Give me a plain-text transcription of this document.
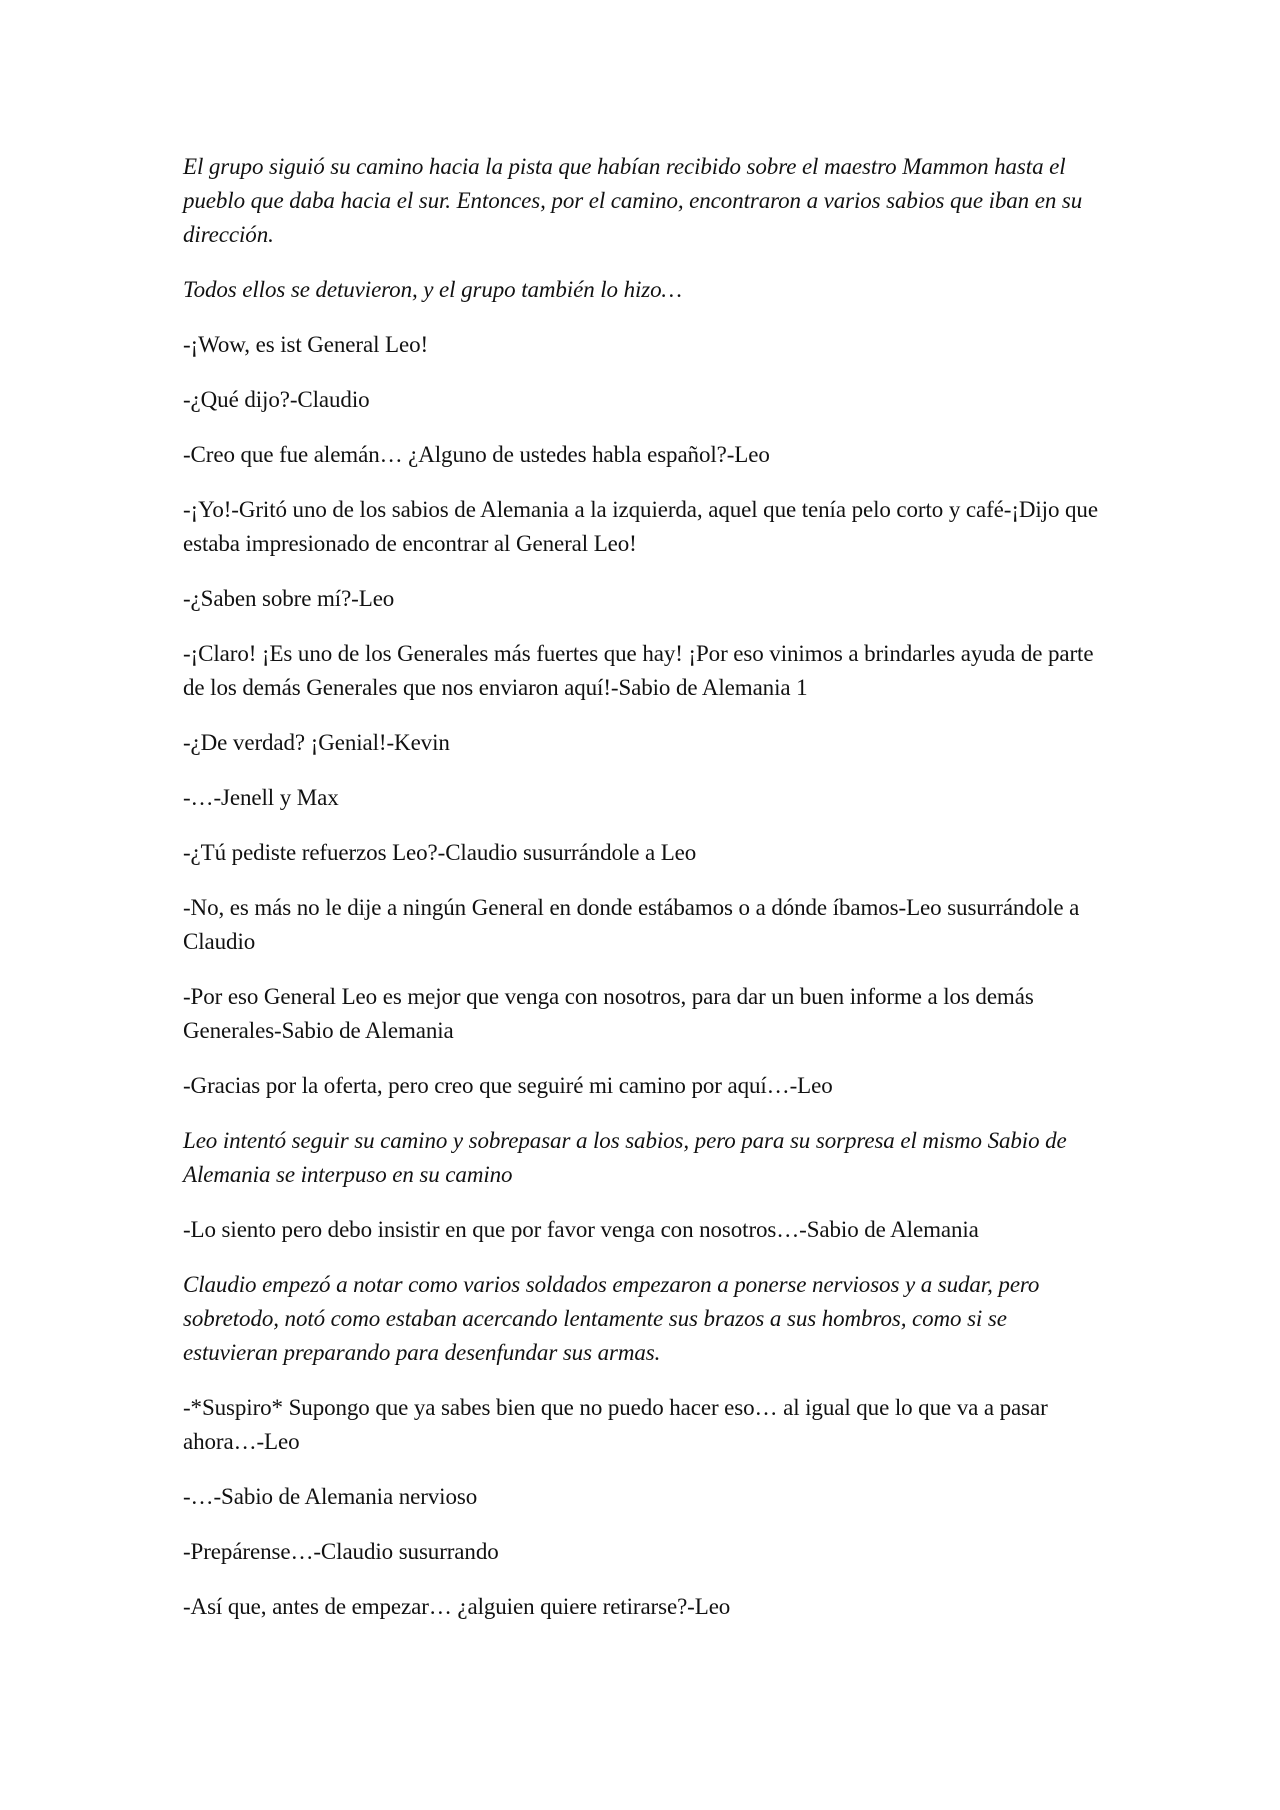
El grupo siguió su camino hacia la pista que habían recibido sobre el maestro Mammon hasta el pueblo que daba hacia el sur. Entonces, por el camino, encontraron a varios sabios que iban en su dirección.

Todos ellos se detuvieron, y el grupo también lo hizo…

-¡Wow, es ist General Leo!

-¿Qué dijo?-Claudio

-Creo que fue alemán… ¿Alguno de ustedes habla español?-Leo

-¡Yo!-Gritó uno de los sabios de Alemania a la izquierda, aquel que tenía pelo corto y café-¡Dijo que estaba impresionado de encontrar al General Leo!

-¿Saben sobre mí?-Leo

-¡Claro! ¡Es uno de los Generales más fuertes que hay! ¡Por eso vinimos a brindarles ayuda de parte de los demás Generales que nos enviaron aquí!-Sabio de Alemania 1

-¿De verdad? ¡Genial!-Kevin

-…-Jenell y Max

-¿Tú pediste refuerzos Leo?-Claudio susurrándole a Leo

-No, es más no le dije a ningún General en donde estábamos o a dónde íbamos-Leo susurrándole a Claudio

-Por eso General Leo es mejor que venga con nosotros, para dar un buen informe a los demás Generales-Sabio de Alemania

-Gracias por la oferta, pero creo que seguiré mi camino por aquí…-Leo

Leo intentó seguir su camino y sobrepasar a los sabios, pero para su sorpresa el mismo Sabio de Alemania se interpuso en su camino

-Lo siento pero debo insistir en que por favor venga con nosotros…-Sabio de Alemania

Claudio empezó a notar como varios soldados empezaron a ponerse nerviosos y a sudar, pero sobretodo, notó como estaban acercando lentamente sus brazos a sus hombros, como si se estuvieran preparando para desenfundar sus armas.

-*Suspiro* Supongo que ya sabes bien que no puedo hacer eso… al igual que lo que va a pasar ahora…-Leo

-…-Sabio de Alemania nervioso

-Prepárense…-Claudio susurrando

-Así que, antes de empezar… ¿alguien quiere retirarse?-Leo
